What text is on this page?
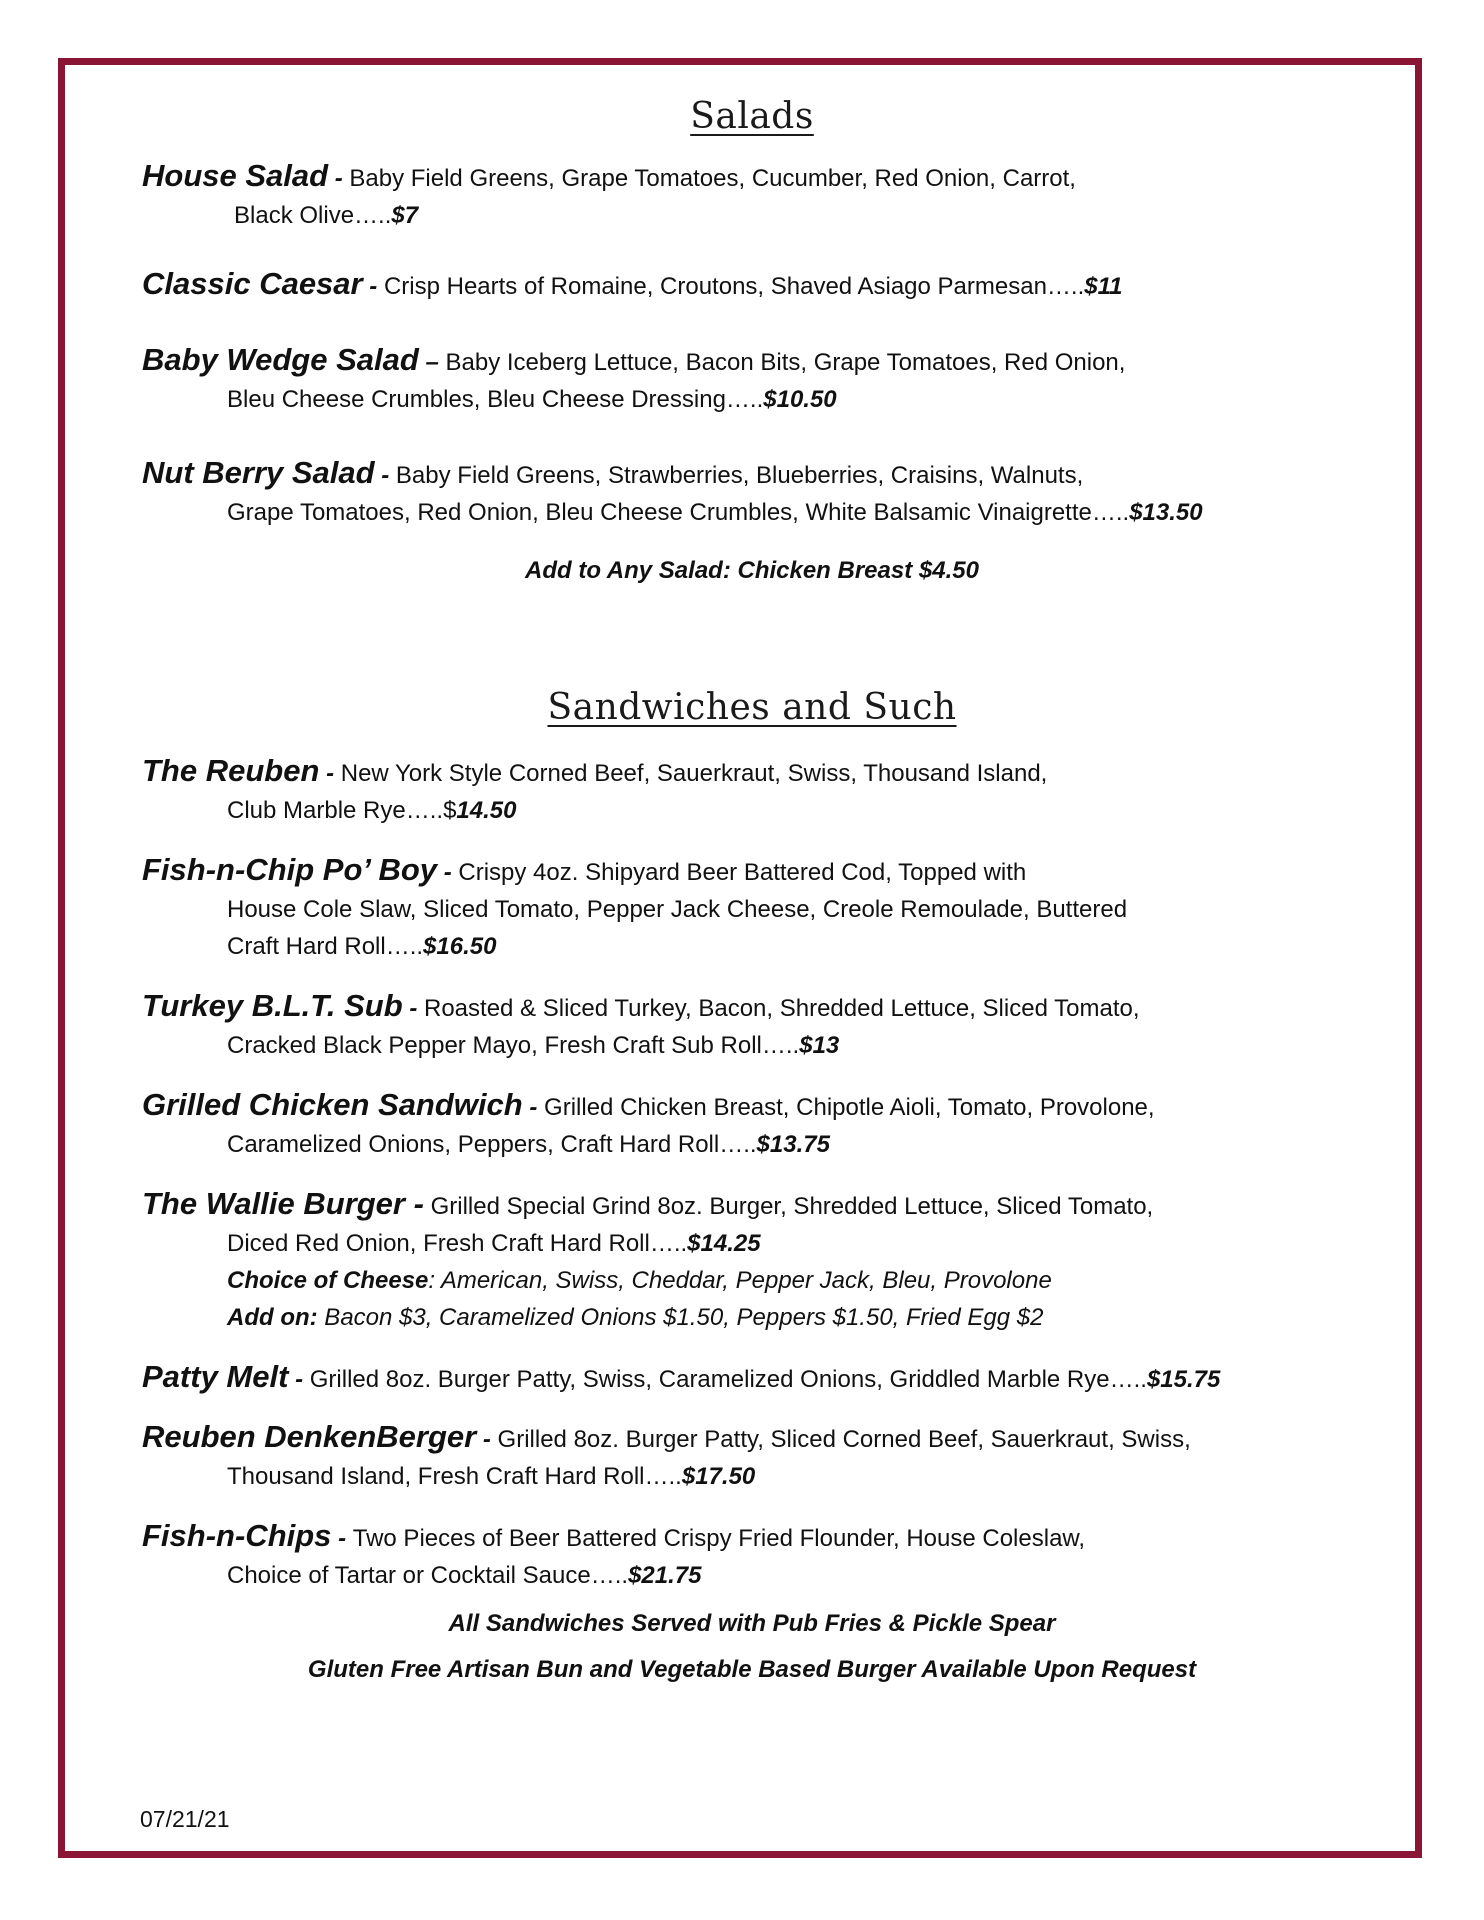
Salads
House Salad - Baby Field Greens, Grape Tomatoes, Cucumber, Red Onion, Carrot,
Black Olive…..$7
Classic Caesar - Crisp Hearts of Romaine, Croutons, Shaved Asiago Parmesan…..$11
Baby Wedge Salad – Baby Iceberg Lettuce, Bacon Bits, Grape Tomatoes, Red Onion,
Bleu Cheese Crumbles, Bleu Cheese Dressing…..$10.50
Nut Berry Salad - Baby Field Greens, Strawberries, Blueberries, Craisins, Walnuts,
Grape Tomatoes, Red Onion, Bleu Cheese Crumbles, White Balsamic Vinaigrette…..$13.50

Add to Any Salad: Chicken Breast $4.50

Sandwiches and Such
The Reuben - New York Style Corned Beef, Sauerkraut, Swiss, Thousand Island,
Club Marble Rye…..$14.50
Fish-n-Chip Po’ Boy - Crispy 4oz. Shipyard Beer Battered Cod, Topped with
House Cole Slaw, Sliced Tomato, Pepper Jack Cheese, Creole Remoulade, Buttered
Craft Hard Roll…..$16.50
Turkey B.L.T. Sub - Roasted & Sliced Turkey, Bacon, Shredded Lettuce, Sliced Tomato,
Cracked Black Pepper Mayo, Fresh Craft Sub Roll…..$13
Grilled Chicken Sandwich - Grilled Chicken Breast, Chipotle Aioli, Tomato, Provolone,
Caramelized Onions, Peppers, Craft Hard Roll…..$13.75
The Wallie Burger - Grilled Special Grind 8oz. Burger, Shredded Lettuce, Sliced Tomato,
Diced Red Onion, Fresh Craft Hard Roll…..$14.25
Choice of Cheese: American, Swiss, Cheddar, Pepper Jack, Bleu, Provolone
Add on: Bacon $3, Caramelized Onions $1.50, Peppers $1.50, Fried Egg $2
Patty Melt - Grilled 8oz. Burger Patty, Swiss, Caramelized Onions, Griddled Marble Rye…..$15.75
Reuben DenkenBerger - Grilled 8oz. Burger Patty, Sliced Corned Beef, Sauerkraut, Swiss,
Thousand Island, Fresh Craft Hard Roll…..$17.50
Fish-n-Chips - Two Pieces of Beer Battered Crispy Fried Flounder, House Coleslaw,
Choice of Tartar or Cocktail Sauce…..$21.75

All Sandwiches Served with Pub Fries & Pickle Spear

Gluten Free Artisan Bun and Vegetable Based Burger Available Upon Request

07/21/21
